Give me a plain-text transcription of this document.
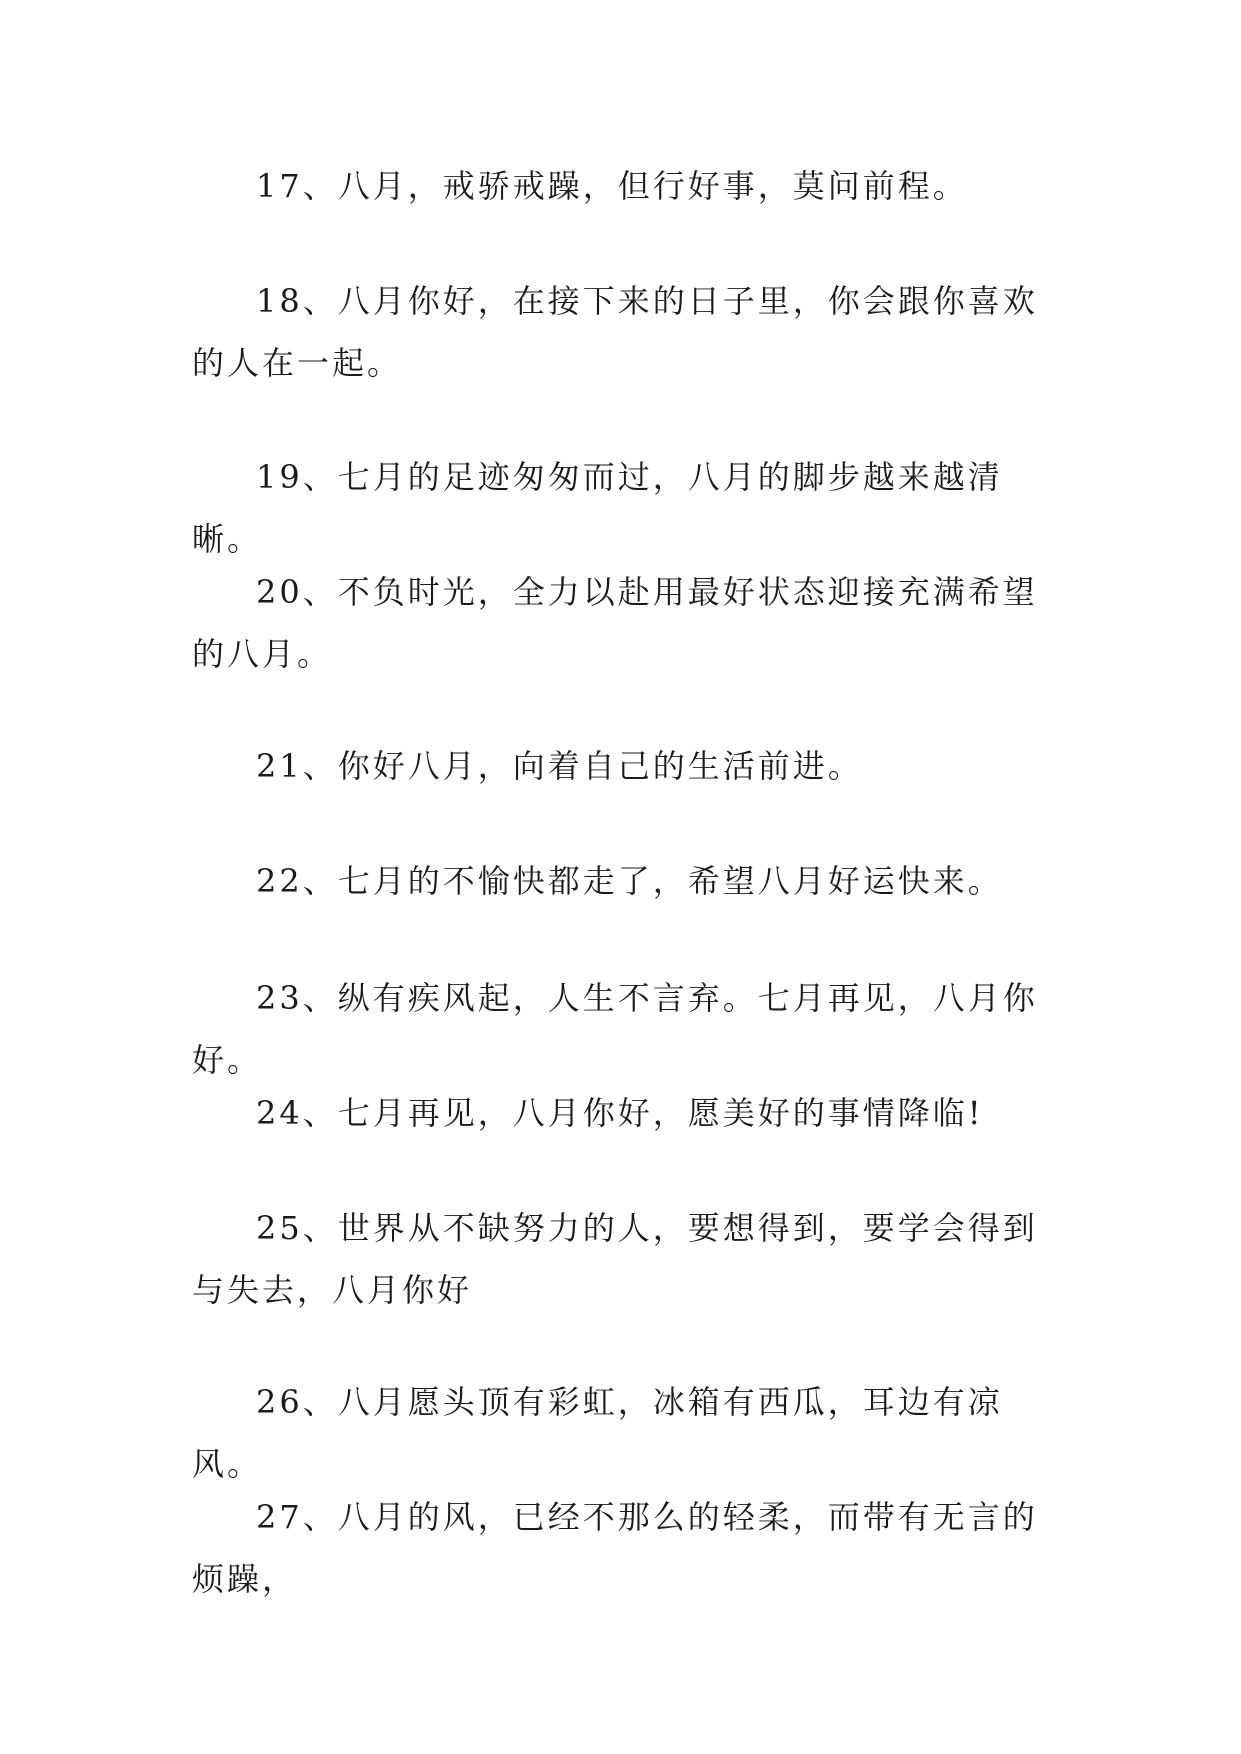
17、八月，戒骄戒躁，但行好事，莫问前程。

18、八月你好，在接下来的日子里，你会跟你喜欢的人在一起。

19、七月的足迹匆匆而过，八月的脚步越来越清晰。

20、不负时光，全力以赴用最好状态迎接充满希望的八月。

21、你好八月，向着自己的生活前进。

22、七月的不愉快都走了，希望八月好运快来。

23、纵有疾风起，人生不言弃。七月再见，八月你好。

24、七月再见，八月你好，愿美好的事情降临!

25、世界从不缺努力的人，要想得到，要学会得到与失去，八月你好

26、八月愿头顶有彩虹，冰箱有西瓜，耳边有凉风。

27、八月的风，已经不那么的轻柔，而带有无言的烦躁，
